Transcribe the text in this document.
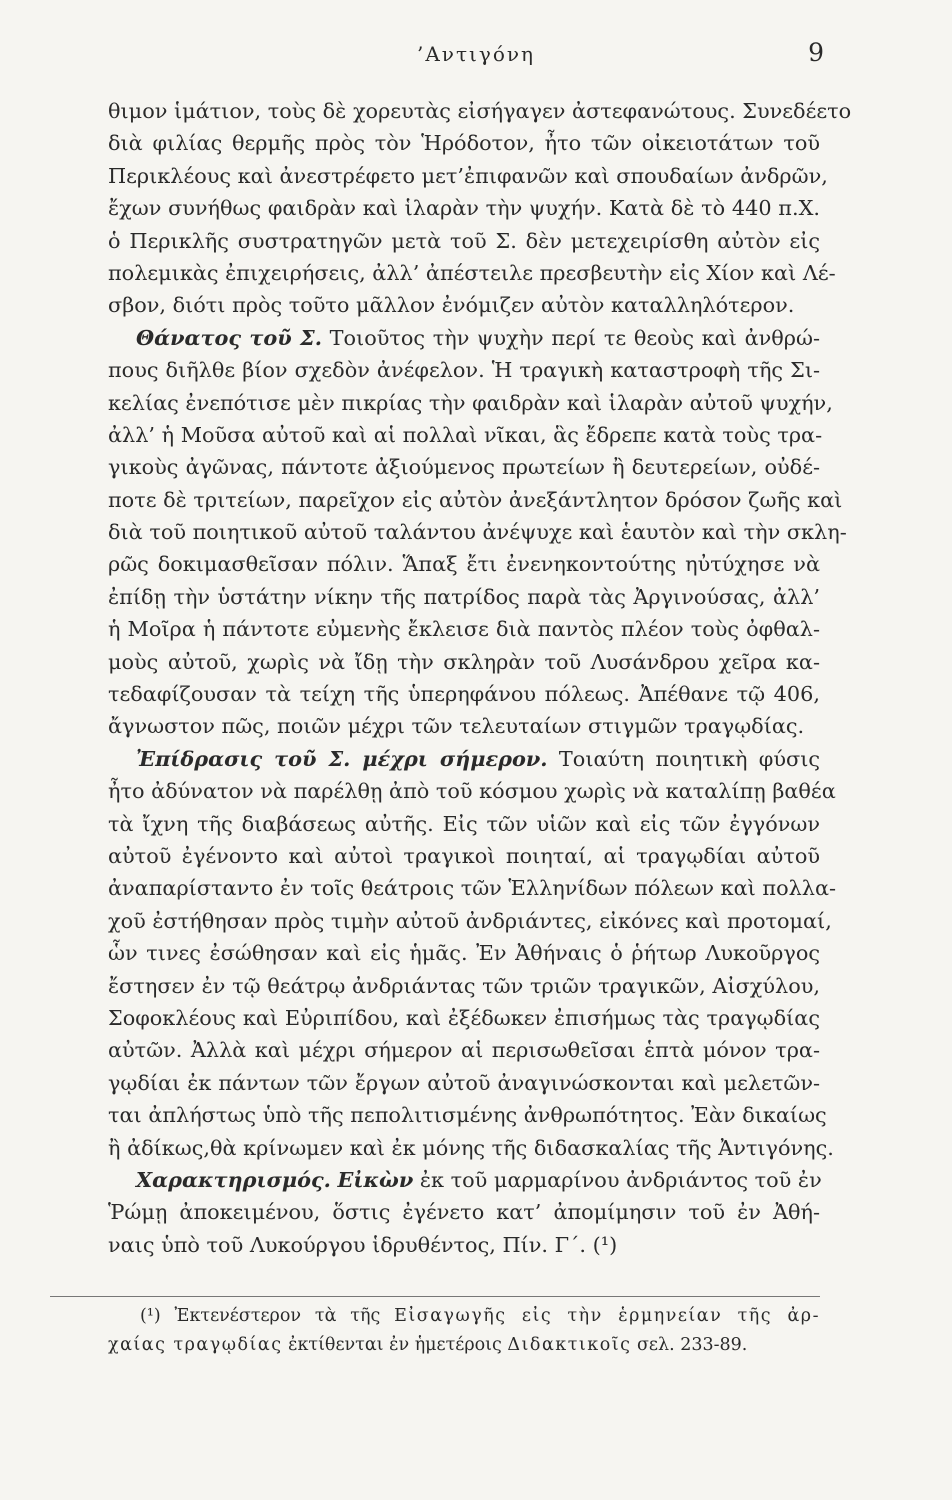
’Αντιγόνη	9
θιμον ἱμάτιον, τοὺς δὲ χορευτὰς εἰσήγαγεν ἀστεφανώτους. Συνεδέετο
διὰ φιλίας θερμῆς πρὸς τὸν Ἡρόδοτον, ἦτο τῶν οἰκειοτάτων τοῦ
Περικλέους καὶ ἀνεστρέφετο μετ’ἐπιφανῶν καὶ σπουδαίων ἀνδρῶν,
ἔχων συνήθως φαιδρὰν καὶ ἱλαρὰν τὴν ψυχήν. Κατὰ δὲ τὸ 440 π.Χ.
ὁ Περικλῆς συστρατηγῶν μετὰ τοῦ Σ. δὲν μετεχειρίσθη αὐτὸν εἰς
πολεμικὰς ἐπιχειρήσεις, ἀλλ’ ἀπέστειλε πρεσβευτὴν εἰς Χίον καὶ Λέ-
σβον, διότι πρὸς τοῦτο μᾶλλον ἐνόμιζεν αὐτὸν καταλληλότερον.
Θάνατος τοῦ Σ. Τοιοῦτος τὴν ψυχὴν περί τε θεοὺς καὶ ἀνθρώ-
πους διῆλθε βίον σχεδὸν ἀνέφελον. Ἡ τραγικὴ καταστροφὴ τῆς Σι-
κελίας ἐνεπότισε μὲν πικρίας τὴν φαιδρὰν καὶ ἱλαρὰν αὐτοῦ ψυχήν,
ἀλλ’ ἡ Μοῦσα αὐτοῦ καὶ αἱ πολλαὶ νῖκαι, ἃς ἔδρεπε κατὰ τοὺς τρα-
γικοὺς ἀγῶνας, πάντοτε ἀξιούμενος πρωτείων ἢ δευτερείων, οὐδέ-
ποτε δὲ τριτείων, παρεῖχον εἰς αὐτὸν ἀνεξάντλητον δρόσον ζωῆς καὶ
διὰ τοῦ ποιητικοῦ αὐτοῦ ταλάντου ἀνέψυχε καὶ ἑαυτὸν καὶ τὴν σκλη-
ρῶς δοκιμασθεῖσαν πόλιν. Ἅπαξ ἔτι ἐνενηκοντούτης ηὐτύχησε νὰ
ἐπίδῃ τὴν ὑστάτην νίκην τῆς πατρίδος παρὰ τὰς Ἀργινούσας, ἀλλ’
ἡ Μοῖρα ἡ πάντοτε εὐμενὴς ἔκλεισε διὰ παντὸς πλέον τοὺς ὀφθαλ-
μοὺς αὐτοῦ, χωρὶς νὰ ἴδῃ τὴν σκληρὰν τοῦ Λυσάνδρου χεῖρα κα-
τεδαφίζουσαν τὰ τείχη τῆς ὑπερηφάνου πόλεως. Ἀπέθανε τῷ 406,
ἄγνωστον πῶς, ποιῶν μέχρι τῶν τελευταίων στιγμῶν τραγῳδίας.
Ἐπίδρασις τοῦ Σ. μέχρι σήμερον. Τοιαύτη ποιητικὴ φύσις
ἦτο ἀδύνατον νὰ παρέλθῃ ἀπὸ τοῦ κόσμου χωρὶς νὰ καταλίπῃ βαθέα
τὰ ἴχνη τῆς διαβάσεως αὐτῆς. Εἰς τῶν υἱῶν καὶ εἰς τῶν ἐγγόνων
αὐτοῦ ἐγένοντο καὶ αὐτοὶ τραγικοὶ ποιηταί, αἱ τραγῳδίαι αὐτοῦ
ἀναπαρίσταντο ἐν τοῖς θεάτροις τῶν Ἑλληνίδων πόλεων καὶ πολλα-
χοῦ ἐστήθησαν πρὸς τιμὴν αὐτοῦ ἀνδριάντες, εἰκόνες καὶ προτομαί,
ὧν τινες ἐσώθησαν καὶ εἰς ἡμᾶς. Ἐν Ἀθήναις ὁ ῥήτωρ Λυκοῦργος
ἔστησεν ἐν τῷ θεάτρῳ ἀνδριάντας τῶν τριῶν τραγικῶν, Αἰσχύλου,
Σοφοκλέους καὶ Εὐριπίδου, καὶ ἐξέδωκεν ἐπισήμως τὰς τραγῳδίας
αὐτῶν. Ἀλλὰ καὶ μέχρι σήμερον αἱ περισωθεῖσαι ἑπτὰ μόνον τρα-
γῳδίαι ἐκ πάντων τῶν ἔργων αὐτοῦ ἀναγινώσκονται καὶ μελετῶν-
ται ἀπλήστως ὑπὸ τῆς πεπολιτισμένης ἀνθρωπότητος. Ἐὰν δικαίως
ἢ ἀδίκως,θὰ κρίνωμεν καὶ ἐκ μόνης τῆς διδασκαλίας τῆς Ἀντιγόνης.
Χαρακτηρισμός. Εἰκὼν ἐκ τοῦ μαρμαρίνου ἀνδριάντος τοῦ ἐν
Ῥώμῃ ἀποκειμένου, ὅστις ἐγένετο κατ’ ἀπομίμησιν τοῦ ἐν Ἀθή-
ναις ὑπὸ τοῦ Λυκούργου ἱδρυθέντος, Πίν. Γ΄. (¹)
(¹) Ἐκτενέστερον τὰ τῆς Εἰσαγωγῆς εἰς τὴν ἑρμηνείαν τῆς ἀρ-
χαίας τραγῳδίας ἐκτίθενται ἐν ἡμετέροις Διδακτικοῖς σελ. 233-89.
